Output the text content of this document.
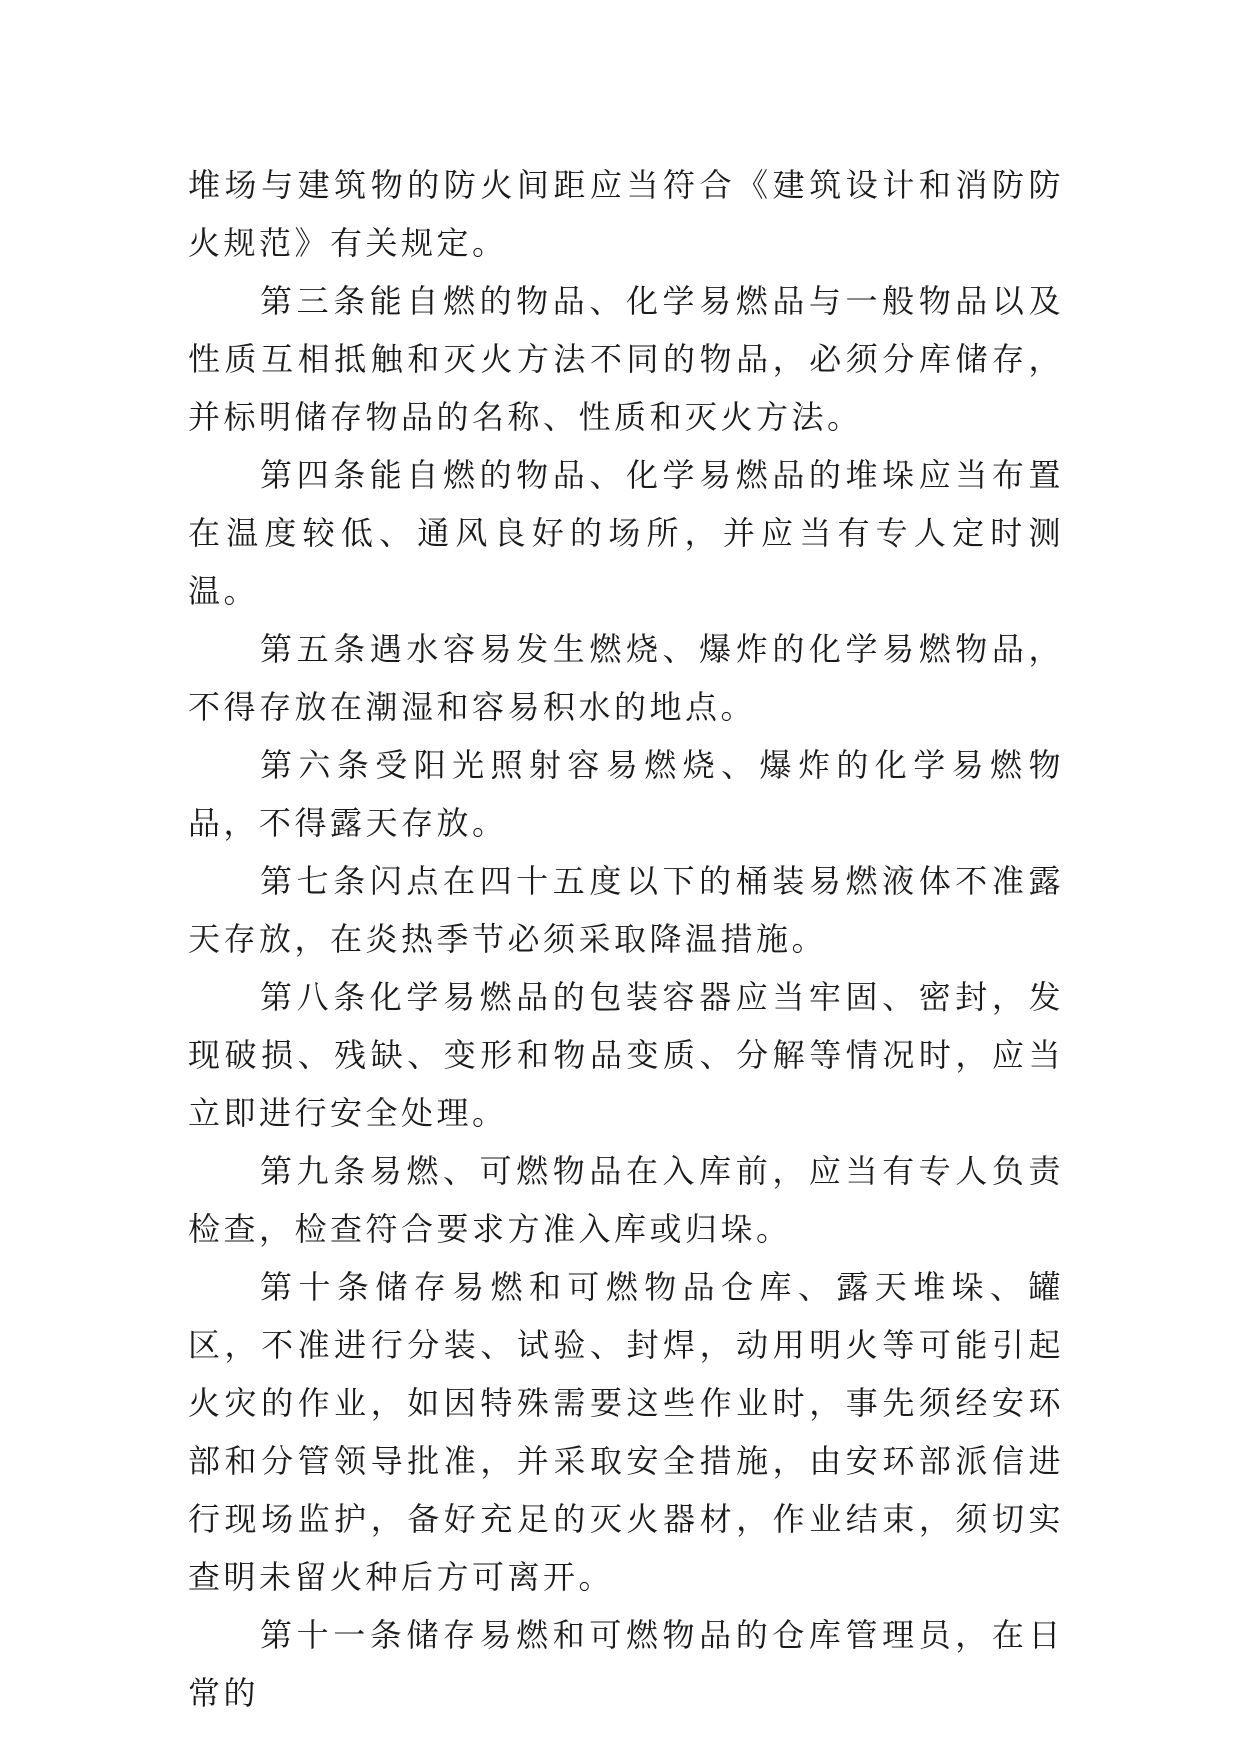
堆场与建筑物的防火间距应当符合《建筑设计和消防防火规范》有关规定。

第三条能自燃的物品、化学易燃品与一般物品以及性质互相抵触和灭火方法不同的物品，必须分库储存，并标明储存物品的名称、性质和灭火方法。

第四条能自燃的物品、化学易燃品的堆垛应当布置在温度较低、通风良好的场所，并应当有专人定时测温。

第五条遇水容易发生燃烧、爆炸的化学易燃物品，不得存放在潮湿和容易积水的地点。

第六条受阳光照射容易燃烧、爆炸的化学易燃物品，不得露天存放。

第七条闪点在四十五度以下的桶装易燃液体不准露天存放，在炎热季节必须采取降温措施。

第八条化学易燃品的包装容器应当牢固、密封，发现破损、残缺、变形和物品变质、分解等情况时，应当立即进行安全处理。

第九条易燃、可燃物品在入库前，应当有专人负责检查，检查符合要求方准入库或归垛。

第十条储存易燃和可燃物品仓库、露天堆垛、罐区，不准进行分装、试验、封焊，动用明火等可能引起火灾的作业，如因特殊需要这些作业时，事先须经安环部和分管领导批准，并采取安全措施，由安环部派信进行现场监护，备好充足的灭火器材，作业结束，须切实查明未留火种后方可离开。

第十一条储存易燃和可燃物品的仓库管理员，在日常的
